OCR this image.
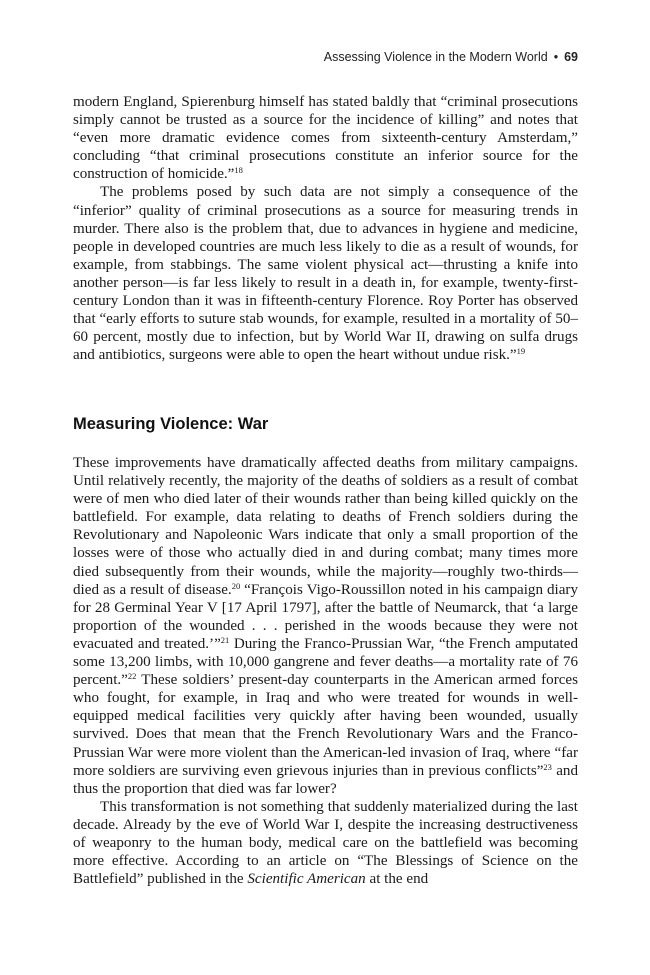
Assessing Violence in the Modern World • 69

modern England, Spierenburg himself has stated baldly that “criminal prosecutions simply cannot be trusted as a source for the incidence of killing” and notes that “even more dramatic evidence comes from sixteenth-century Amsterdam,” concluding “that criminal prosecutions constitute an inferior source for the construction of homicide.”$^{18}$

The problems posed by such data are not simply a consequence of the “inferior” quality of criminal prosecutions as a source for measuring trends in murder. There also is the problem that, due to advances in hygiene and medicine, people in developed countries are much less likely to die as a result of wounds, for example, from stabbings. The same violent physical act—thrusting a knife into another person—is far less likely to result in a death in, for example, twenty-first-century London than it was in fifteenth-century Florence. Roy Porter has observed that “early efforts to suture stab wounds, for example, resulted in a mortality of 50–60 percent, mostly due to infection, but by World War II, drawing on sulfa drugs and antibiotics, surgeons were able to open the heart without undue risk.”$^{19}$

Measuring Violence: War

These improvements have dramatically affected deaths from military campaigns. Until relatively recently, the majority of the deaths of soldiers as a result of combat were of men who died later of their wounds rather than being killed quickly on the battlefield. For example, data relating to deaths of French soldiers during the Revolutionary and Napoleonic Wars indicate that only a small proportion of the losses were of those who actually died in and during combat; many times more died subsequently from their wounds, while the majority—roughly two-thirds—died as a result of disease.$^{20}$ “François Vigo-Roussillon noted in his campaign diary for 28 Germinal Year V [17 April 1797], after the battle of Neumarck, that ‘a large proportion of the wounded . . . perished in the woods because they were not evacuated and treated.’”$^{21}$ During the Franco-Prussian War, “the French amputated some 13,200 limbs, with 10,000 gangrene and fever deaths—a mortality rate of 76 percent.”$^{22}$ These soldiers’ present-day counterparts in the American armed forces who fought, for example, in Iraq and who were treated for wounds in well-equipped medical facilities very quickly after having been wounded, usually survived. Does that mean that the French Revolutionary Wars and the Franco-Prussian War were more violent than the American-led invasion of Iraq, where “far more soldiers are surviving even grievous injuries than in previous conflicts”$^{23}$ and thus the proportion that died was far lower?

This transformation is not something that suddenly materialized during the last decade. Already by the eve of World War I, despite the increasing destructiveness of weaponry to the human body, medical care on the battlefield was becoming more effective. According to an article on “The Blessings of Science on the Battlefield” published in the Scientific American at the end
